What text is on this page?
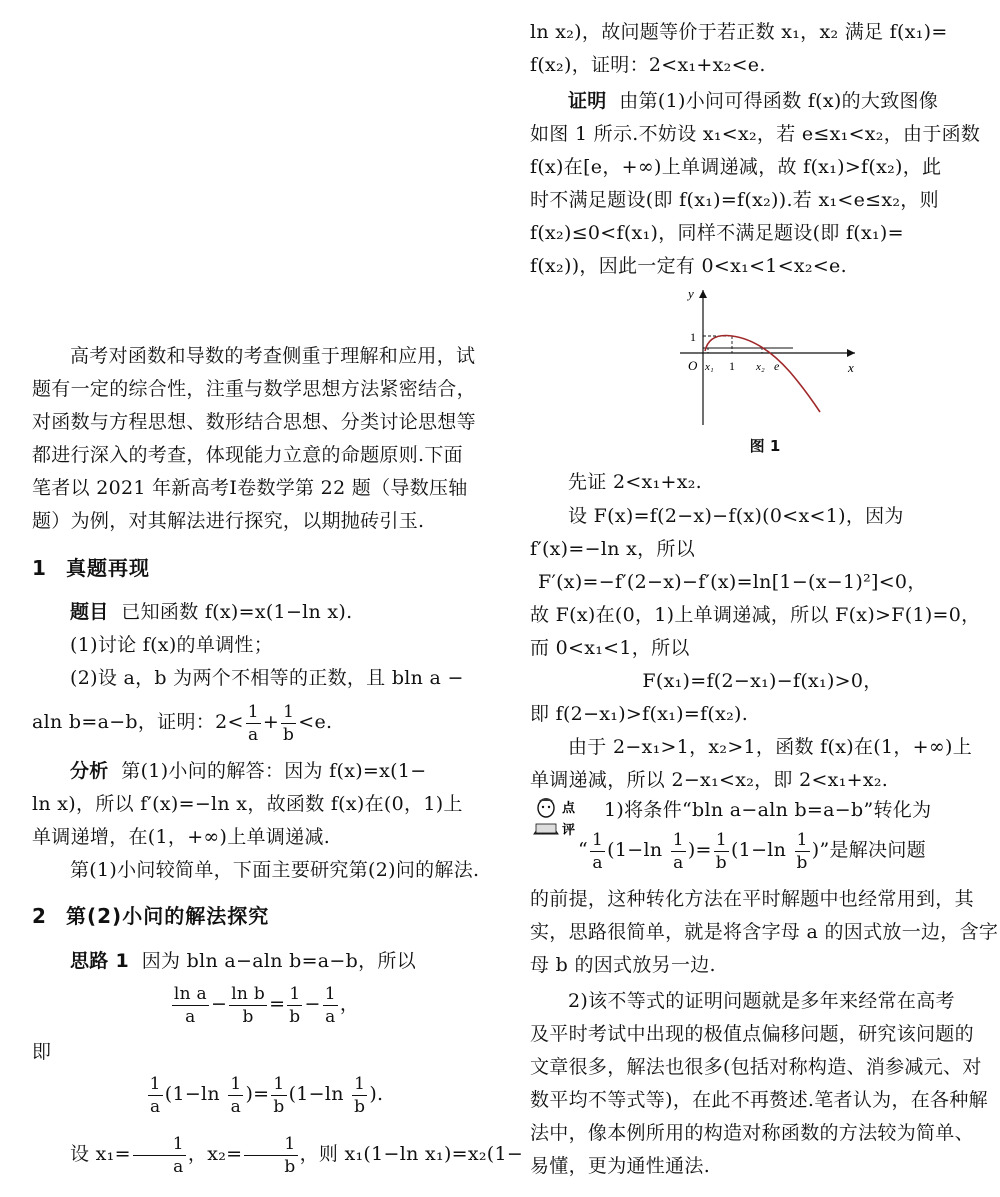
高考对函数和导数的考查侧重于理解和应用，试
题有一定的综合性，注重与数学思想方法紧密结合，
对函数与方程思想、数形结合思想、分类讨论思想等
都进行深入的考查，体现能力立意的命题原则.下面
笔者以 2021 年新高考Ⅰ卷数学第 22 题（导数压轴
题）为例，对其解法进行探究，以期抛砖引玉.
1 真题再现
题目 已知函数 f(x)=x(1−ln x).
(1)讨论 f(x)的单调性；
(2)设 a，b 为两个不相等的正数，且 bln a −
aln b=a−b，证明：$2< \frac{1}{a} + \frac{1}{b} <e$.
分析 第(1)小问的解答：因为 f(x)=x(1−
ln x)，所以 f′(x)=−ln x，故函数 f(x)在(0，1)上
单调递增，在(1，+∞)上单调递减.
第(1)小问较简单，下面主要研究第(2)问的解法.
2 第(2)小问的解法探究
思路 1 因为 bln a−aln b=a−b，所以
$\frac{\text{ln a}}{a} - \frac{\text{ln b}}{b} = \frac{1}{b} - \frac{1}{a}$ ，
即
$\frac{1}{a} (1-\ln \frac{1}{a}$ )= $\frac{1}{b} (1-\ln \frac{1}{b}$ ).
设 $x_1= \frac{1}{a}$ ，$x_2= \frac{1}{b}$ ，则 x₁(1−ln x₁)=x₂(1−
ln x₂)，故问题等价于若正数 x₁，x₂ 满足 f(x₁)=
f(x₂)，证明：2<x₁+x₂<e.
证明 由第(1)小问可得函数 f(x)的大致图像
如图 1 所示.不妨设 x₁<x₂，若 e≤x₁<x₂，由于函数
f(x)在[e，+∞)上单调递减，故 f(x₁)>f(x₂)，此
时不满足题设(即 f(x₁)=f(x₂)).若 x₁<e≤x₂，则
f(x₂)≤0<f(x₁)，同样不满足题设(即 f(x₁)=
f(x₂))，因此一定有 0<x₁<1<x₂<e.
y
x
O
1
x₁ 1 x₂ e
图 1
先证 2<x₁+x₂.
设 F(x)=f(2−x)−f(x)(0<x<1)，因为
f′(x)=−ln x，所以
F′(x)=−f′(2−x)−f′(x)=ln[1−(x−1)²]<0，
故 F(x)在(0，1)上单调递减，所以 F(x)>F(1)=0，
而 0<x₁<1，所以
F(x₁)=f(2−x₁)−f(x₁)>0，
即 f(2−x₁)>f(x₁)=f(x₂).
由于 2−x₁>1，x₂>1，函数 f(x)在(1，+∞)上
单调递减，所以 2−x₁<x₂，即 2<x₁+x₂.
点
评
1)将条件“bln a−aln b=a−b”转化为
“ $\frac{1}{a} (1-\ln \frac{1}{a}$ )= $\frac{1}{b} (1-\ln \frac{1}{b}$ )”是解决问题
的前提，这种转化方法在平时解题中也经常用到，其
实，思路很简单，就是将含字母 a 的因式放一边，含字
母 b 的因式放另一边.
2)该不等式的证明问题就是多年来经常在高考
及平时考试中出现的极值点偏移问题，研究该问题的
文章很多，解法也很多(包括对称构造、消参减元、对
数平均不等式等)，在此不再赘述.笔者认为，在各种解
法中，像本例所用的构造对称函数的方法较为简单、
易懂，更为通性通法.
